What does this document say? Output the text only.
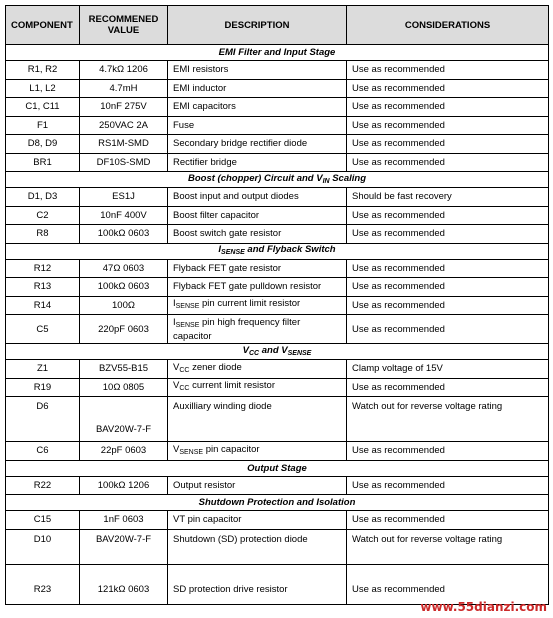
COMPONENT	RECOMMENED VALUE	DESCRIPTION	CONSIDERATIONS
EMI Filter and Input Stage			
R1, R2	4.7kΩ 1206	EMI resistors	Use as recommended
L1, L2	4.7mH	EMI inductor	Use as recommended
C1, C11	10nF 275V	EMI capacitors	Use as recommended
F1	250VAC 2A	Fuse	Use as recommended
D8, D9	RS1M-SMD	Secondary bridge rectifier diode	Use as recommended
BR1	DF10S-SMD	Rectifier bridge	Use as recommended
Boost (chopper) Circuit and $V_{IN}$ Scaling			
D1, D3	ES1J	Boost input and output diodes	Should be fast recovery
C2	10nF 400V	Boost filter capacitor	Use as recommended
R8	100kΩ 0603	Boost switch gate resistor	Use as recommended
$I_{SENSE}$ and Flyback Switch			
R12	47Ω 0603	Flyback FET gate resistor	Use as recommended
R13	100kΩ 0603	Flyback FET gate pulldown resistor	Use as recommended
R14	100Ω	$I_{SENSE}$ pin current limit resistor	Use as recommended
C5	220pF 0603	$I_{SENSE}$ pin high frequency filter capacitor	Use as recommended
$V_{CC}$ and $V_{SENSE}$
Z1	BZV55-B15	$V_{CC}$ zener diode	Clamp voltage of 15V
R19	10Ω 0805	$V_{CC}$ current limit resistor	Use as recommended
D6	BAV20W-7-F	Auxilliary winding diode	Watch out for reverse voltage rating
C6	22pF 0603	$V_{SENSE}$ pin capacitor	Use as recommended
Output Stage			
R22	100kΩ 1206	Output resistor	Use as recommended
Shutdown Protection and Isolation			
C15	1nF 0603	VT pin capacitor	Use as recommended
D10	BAV20W-7-F	Shutdown (SD) protection diode	Watch out for reverse voltage rating
R23	121kΩ 0603	SD protection drive resistor	Use as recommended
www.55dianzi.com
